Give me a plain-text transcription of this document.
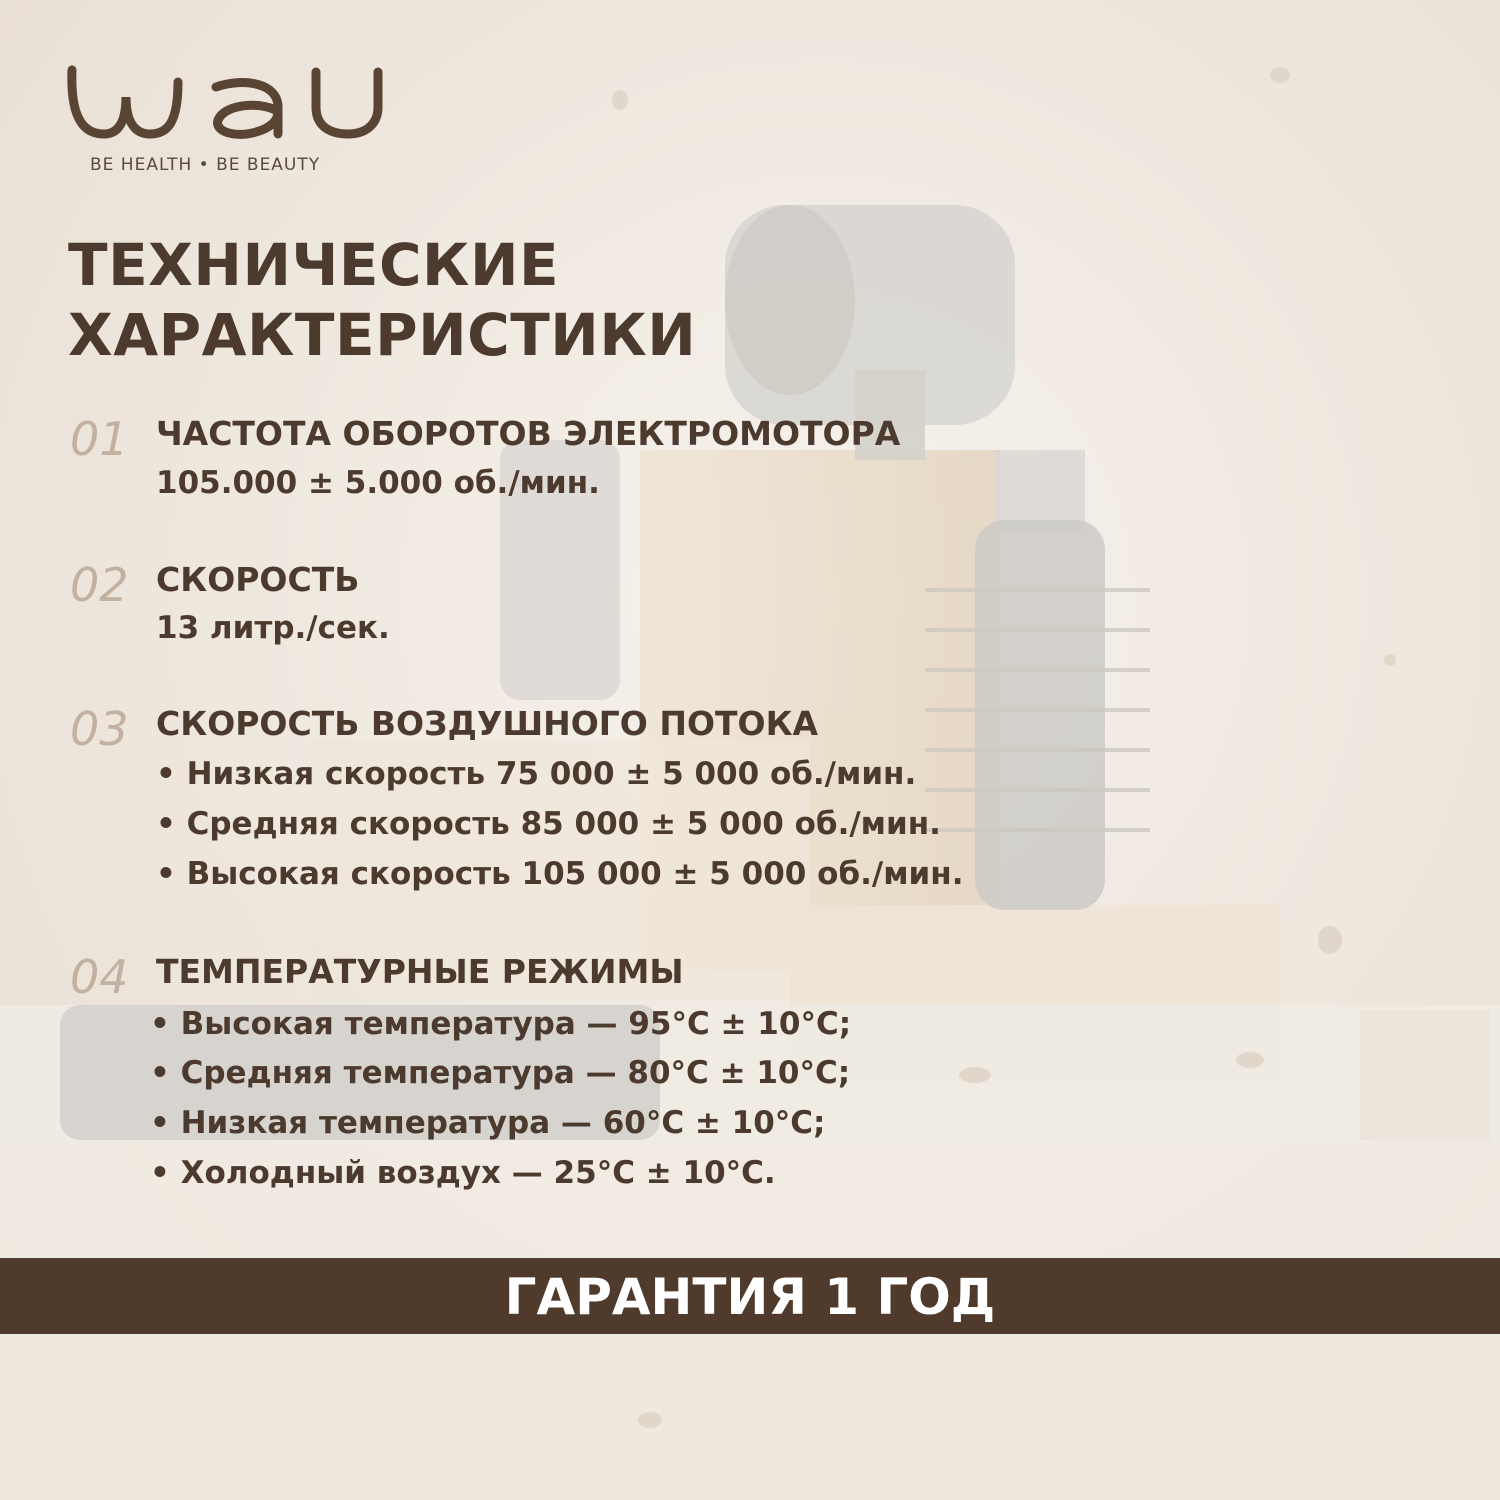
BE HEALTH • BE BEAUTY
ТЕХНИЧЕСКИЕ
ХАРАКТЕРИСТИКИ
01 ЧАСТОТА ОБОРОТОВ ЭЛЕКТРОМОТОРА
105.000 ± 5.000 об./мин.
02 СКОРОСТЬ
13 литр./сек.
03 СКОРОСТЬ ВОЗДУШНОГО ПОТОКА
• Низкая скорость 75 000 ± 5 000 об./мин.
• Средняя скорость 85 000 ± 5 000 об./мин.
• Высокая скорость 105 000 ± 5 000 об./мин.
04 ТЕМПЕРАТУРНЫЕ РЕЖИМЫ
• Высокая температура — 95°C ± 10°C;
• Средняя температура — 80°C ± 10°C;
• Низкая температура — 60°C ± 10°C;
• Холодный воздух — 25°C ± 10°C.
ГАРАНТИЯ 1 ГОД
